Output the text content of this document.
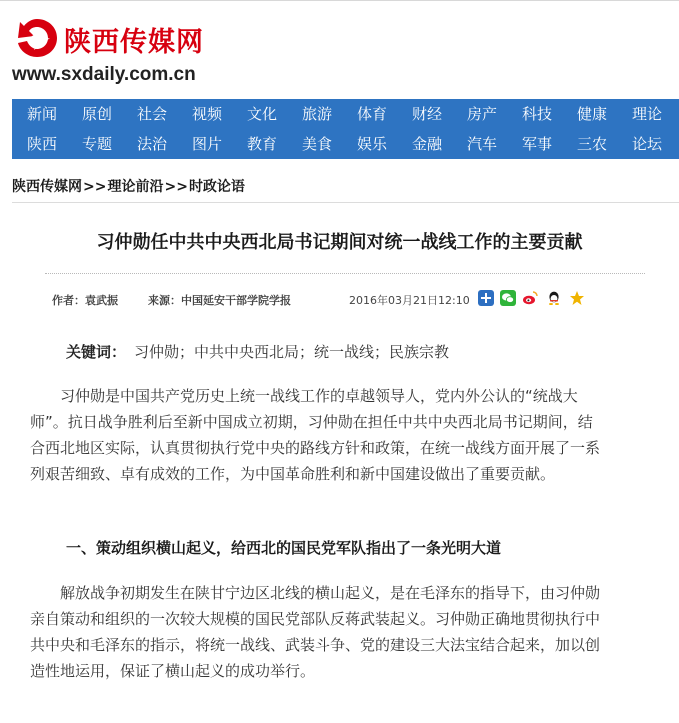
陕西传媒网
www.sxdaily.com.cn
新闻	原创	社会	视频	文化	旅游	体育	财经	房产	科技	健康	理论
陕西	专题	法治	图片	教育	美食	娱乐	金融	汽车	军事	三农	论坛
陕西传媒网>>理论前沿>>时政论语
习仲勋任中共中央西北局书记期间对统一战线工作的主要贡献
作者：袁武振	来源：中国延安干部学院学报	2016年03月21日12:10
关键词： 习仲勋；中共中央西北局；统一战线；民族宗教
　　习仲勋是中国共产党历史上统一战线工作的卓越领导人，党内外公认的“统战大
师”。抗日战争胜利后至新中国成立初期，习仲勋在担任中共中央西北局书记期间，结
合西北地区实际，认真贯彻执行党中央的路线方针和政策，在统一战线方面开展了一系
列艰苦细致、卓有成效的工作，为中国革命胜利和新中国建设做出了重要贡献。
一、策动组织横山起义，给西北的国民党军队指出了一条光明大道
　　解放战争初期发生在陕甘宁边区北线的横山起义，是在毛泽东的指导下，由习仲勋
亲自策动和组织的一次较大规模的国民党部队反蒋武装起义。习仲勋正确地贯彻执行中
共中央和毛泽东的指示，将统一战线、武装斗争、党的建设三大法宝结合起来，加以创
造性地运用，保证了横山起义的成功举行。
